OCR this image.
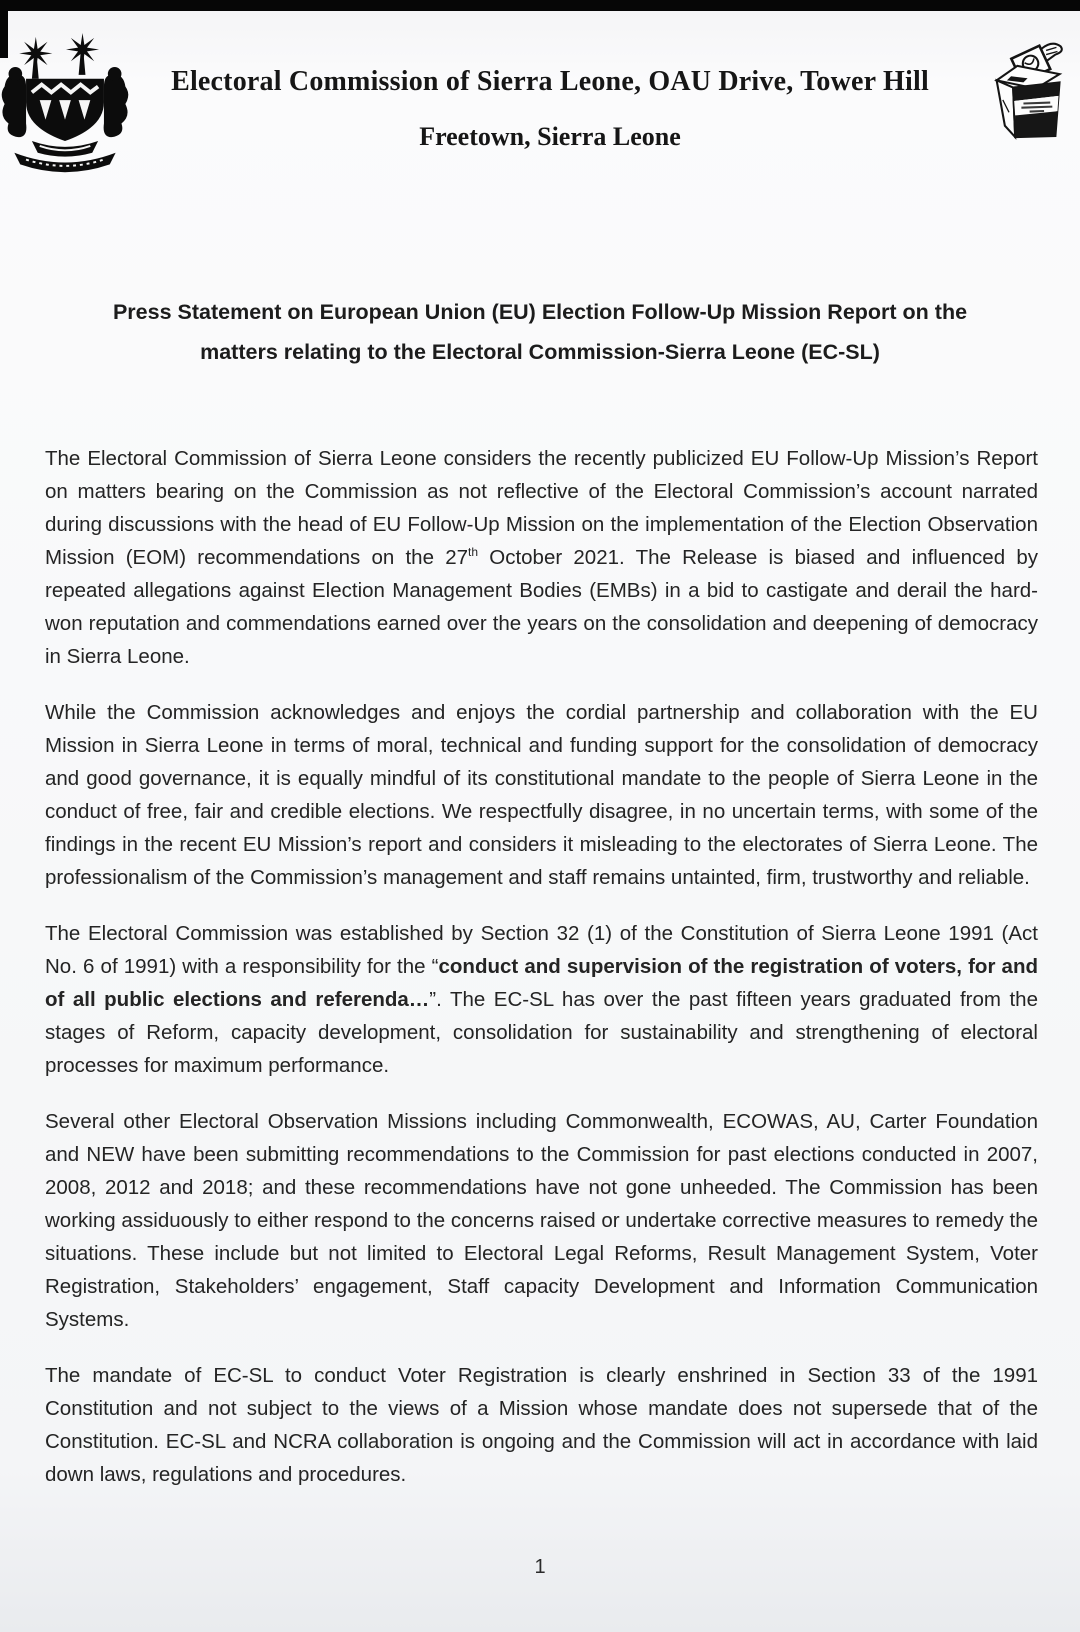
Electoral Commission of Sierra Leone, OAU Drive, Tower Hill
Freetown, Sierra Leone
Press Statement on European Union (EU) Election Follow-Up Mission Report on the
matters relating to the Electoral Commission-Sierra Leone (EC-SL)

The Electoral Commission of Sierra Leone considers the recently publicized EU Follow-Up Mission’s Report on matters bearing on the Commission as not reflective of the Electoral Commission’s account narrated during discussions with the head of EU Follow-Up Mission on the implementation of the Election Observation Mission (EOM) recommendations on the 27th October 2021. The Release is biased and influenced by repeated allegations against Election Management Bodies (EMBs) in a bid to castigate and derail the hard-won reputation and commendations earned over the years on the consolidation and deepening of democracy in Sierra Leone.

While the Commission acknowledges and enjoys the cordial partnership and collaboration with the EU Mission in Sierra Leone in terms of moral, technical and funding support for the consolidation of democracy and good governance, it is equally mindful of its constitutional mandate to the people of Sierra Leone in the conduct of free, fair and credible elections. We respectfully disagree, in no uncertain terms, with some of the findings in the recent EU Mission’s report and considers it misleading to the electorates of Sierra Leone. The professionalism of the Commission’s management and staff remains untainted, firm, trustworthy and reliable.

The Electoral Commission was established by Section 32 (1) of the Constitution of Sierra Leone 1991 (Act No. 6 of 1991) with a responsibility for the “conduct and supervision of the registration of voters, for and of all public elections and referenda…”. The EC-SL has over the past fifteen years graduated from the stages of Reform, capacity development, consolidation for sustainability and strengthening of electoral processes for maximum performance.

Several other Electoral Observation Missions including Commonwealth, ECOWAS, AU, Carter Foundation and NEW have been submitting recommendations to the Commission for past elections conducted in 2007, 2008, 2012 and 2018; and these recommendations have not gone unheeded. The Commission has been working assiduously to either respond to the concerns raised or undertake corrective measures to remedy the situations. These include but not limited to Electoral Legal Reforms, Result Management System, Voter Registration, Stakeholders’ engagement, Staff capacity Development and Information Communication Systems.

The mandate of EC-SL to conduct Voter Registration is clearly enshrined in Section 33 of the 1991 Constitution and not subject to the views of a Mission whose mandate does not supersede that of the Constitution. EC-SL and NCRA collaboration is ongoing and the Commission will act in accordance with laid down laws, regulations and procedures.

1
